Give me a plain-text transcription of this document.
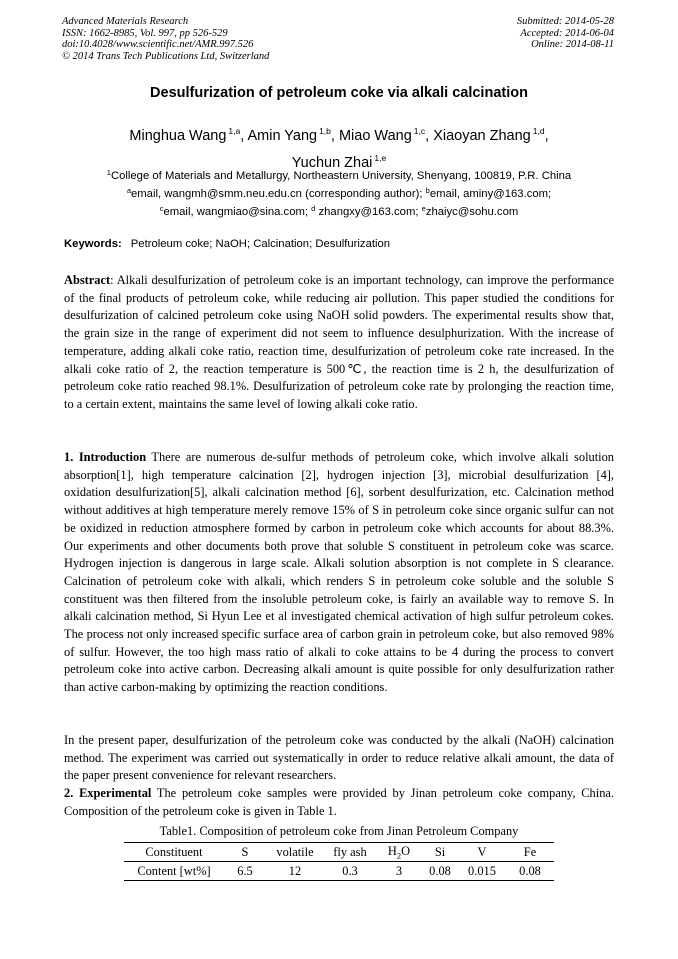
Advanced Materials Research
ISSN: 1662-8985, Vol. 997, pp 526-529
doi:10.4028/www.scientific.net/AMR.997.526
© 2014 Trans Tech Publications Ltd, Switzerland
Submitted: 2014-05-28
Accepted: 2014-06-04
Online: 2014-08-11
Desulfurization of petroleum coke via alkali calcination
Minghua Wang $^{1,a}$, Amin Yang $^{1,b}$, Miao Wang $^{1,c}$, Xiaoyan Zhang $^{1,d}$,
Yuchun Zhai $^{1,e}$
$^1$College of Materials and Metallurgy, Northeastern University, Shenyang, 100819, P.R. China
$^a$email, wangmh@smm.neu.edu.cn (corresponding author); $^b$email, aminy@163.com;
$^c$email, wangmiao@sina.com; $^d$ zhangxy@163.com; $^e$zhaiyc@sohu.com
Keywords: Petroleum coke; NaOH; Calcination; Desulfurization
Abstract: Alkali desulfurization of petroleum coke is an important technology, can improve the performance of the final products of petroleum coke, while reducing air pollution. This paper studied the conditions for desulfurization of calcined petroleum coke using NaOH solid powders. The experimental results show that, the grain size in the range of experiment did not seem to influence desulphurization. With the increase of temperature, adding alkali coke ratio, reaction time, desulfurization of petroleum coke rate increased. In the alkali coke ratio of 2, the reaction temperature is 500℃, the reaction time is 2 h, the desulfurization of petroleum coke ratio reached 98.1%. Desulfurization of petroleum coke rate by prolonging the reaction time, to a certain extent, maintains the same level of lowing alkali coke ratio.
1. Introduction There are numerous de-sulfur methods of petroleum coke, which involve alkali solution absorption[1], high temperature calcination [2], hydrogen injection [3], microbial desulfurization [4], oxidation desulfurization[5], alkali calcination method [6], sorbent desulfurization, etc. Calcination method without additives at high temperature merely remove 15% of S in petroleum coke since organic sulfur can not be oxidized in reduction atmosphere formed by carbon in petroleum coke which accounts for about 88.3%. Our experiments and other documents both prove that soluble S constituent in petroleum coke was scarce. Hydrogen injection is dangerous in large scale. Alkali solution absorption is not complete in S clearance. Calcination of petroleum coke with alkali, which renders S in petroleum coke soluble and the soluble S constituent was then filtered from the insoluble petroleum coke, is fairly an available way to remove S. In alkali calcination method, Si Hyun Lee et al investigated chemical activation of high sulfur petroleum cokes. The process not only increased specific surface area of carbon grain in petroleum coke, but also removed 98% of sulfur. However, the too high mass ratio of alkali to coke attains to be 4 during the process to convert petroleum coke into active carbon. Decreasing alkali amount is quite possible for only desulfurization rather than active carbon-making by optimizing the reaction conditions.
In the present paper, desulfurization of the petroleum coke was conducted by the alkali (NaOH) calcination method. The experiment was carried out systematically in order to reduce relative alkali amount, the data of the paper present convenience for relevant researchers.
2. Experimental The petroleum coke samples were provided by Jinan petroleum coke company, China. Composition of the petroleum coke is given in Table 1.
Table1. Composition of petroleum coke from Jinan Petroleum Company
Constituent	S	volatile	fly ash	$H_2O$	Si	V	Fe
Content [wt%]	6.5	12	0.3	3	0.08	0.015	0.08
